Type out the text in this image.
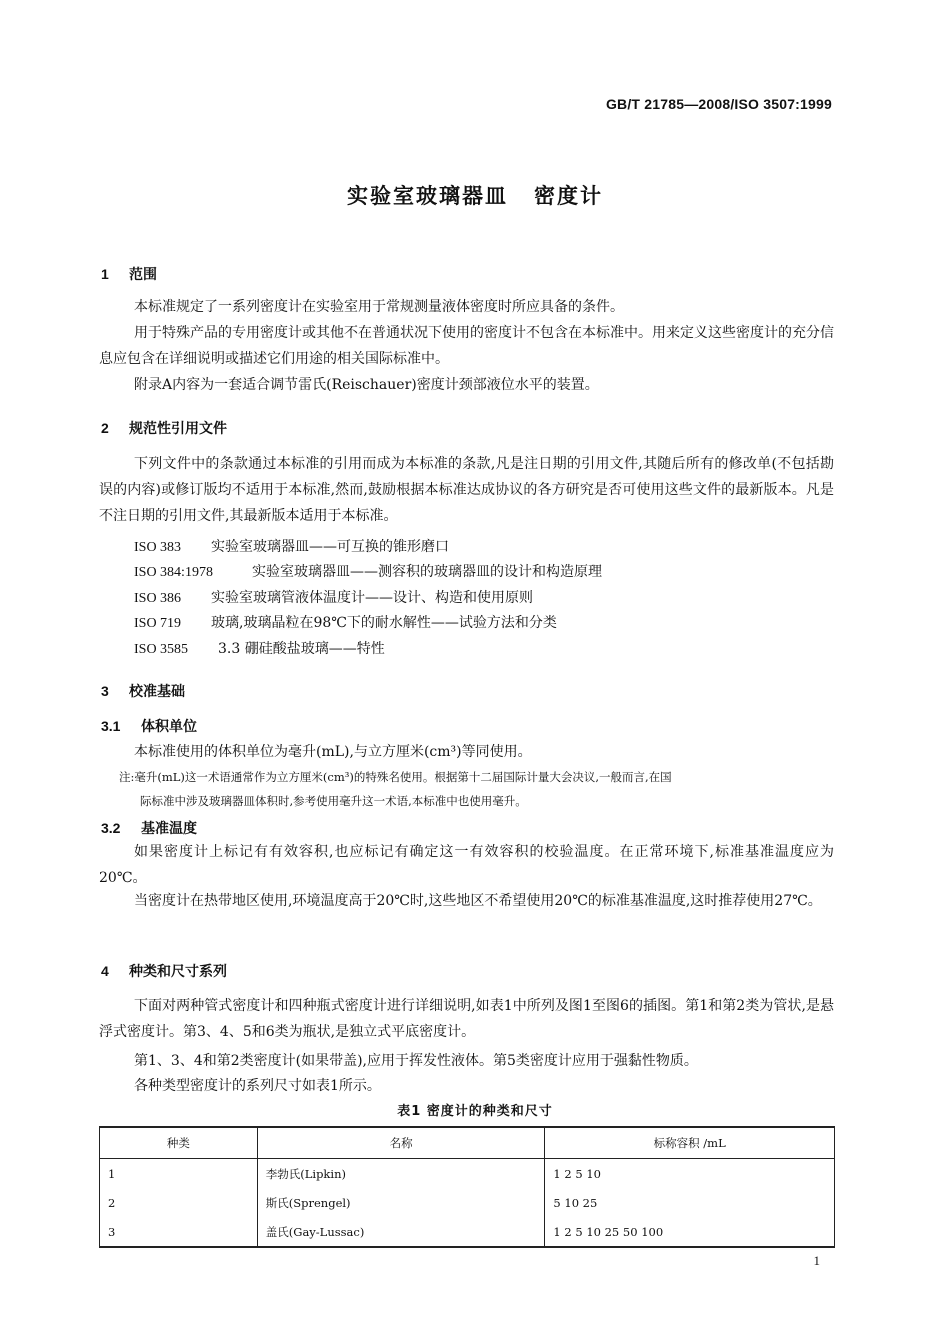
GB/T 21785—2008/ISO 3507:1999
实验室玻璃器皿 密度计
1 范围
本标准规定了一系列密度计在实验室用于常规测量液体密度时所应具备的条件。
用于特殊产品的专用密度计或其他不在普通状况下使用的密度计不包含在本标准中。用来定义这些密度计的充分信息应包含在详细说明或描述它们用途的相关国际标准中。
附录A内容为一套适合调节雷氏(Reischauer)密度计颈部液位水平的装置。
2 规范性引用文件
下列文件中的条款通过本标准的引用而成为本标准的条款,凡是注日期的引用文件,其随后所有的修改单(不包括勘误的内容)或修订版均不适用于本标准,然而,鼓励根据本标准达成协议的各方研究是否可使用这些文件的最新版本。凡是不注日期的引用文件,其最新版本适用于本标准。
ISO 383 实验室玻璃器皿——可互换的锥形磨口
ISO 384:1978	实验室玻璃器皿——测容积的玻璃器皿的设计和构造原理
ISO 386 实验室玻璃管液体温度计——设计、构造和使用原则
ISO 719 玻璃,玻璃晶粒在98℃下的耐水解性——试验方法和分类
ISO 3585 3.3 硼硅酸盐玻璃——特性
3 校准基础
3.1 体积单位
本标准使用的体积单位为毫升(mL),与立方厘米(cm³)等同使用。
注:毫升(mL)这一术语通常作为立方厘米(cm³)的特殊名使用。根据第十二届国际计量大会决议,一般而言,在国
际标准中涉及玻璃器皿体积时,参考使用毫升这一术语,本标准中也使用毫升。
3.2 基准温度
如果密度计上标记有有效容积,也应标记有确定这一有效容积的校验温度。在正常环境下,标准基准温度应为20℃。
当密度计在热带地区使用,环境温度高于20℃时,这些地区不希望使用20℃的标准基准温度,这时推荐使用27℃。
4 种类和尺寸系列
下面对两种管式密度计和四种瓶式密度计进行详细说明,如表1中所列及图1至图6的插图。第1和第2类为管状,是悬浮式密度计。第3、4、5和6类为瓶状,是独立式平底密度计。
第1、3、4和第2类密度计(如果带盖),应用于挥发性液体。第5类密度计应用于强黏性物质。
各种类型密度计的系列尺寸如表1所示。
表1 密度计的种类和尺寸
种类	名称	标称容积 /mL
1	李勃氏(Lipkin)	1 2 5 10
2	斯氏(Sprengel)	5 10 25
3	盖氏(Gay-Lussac)	1 2 5 10 25 50 100
1
